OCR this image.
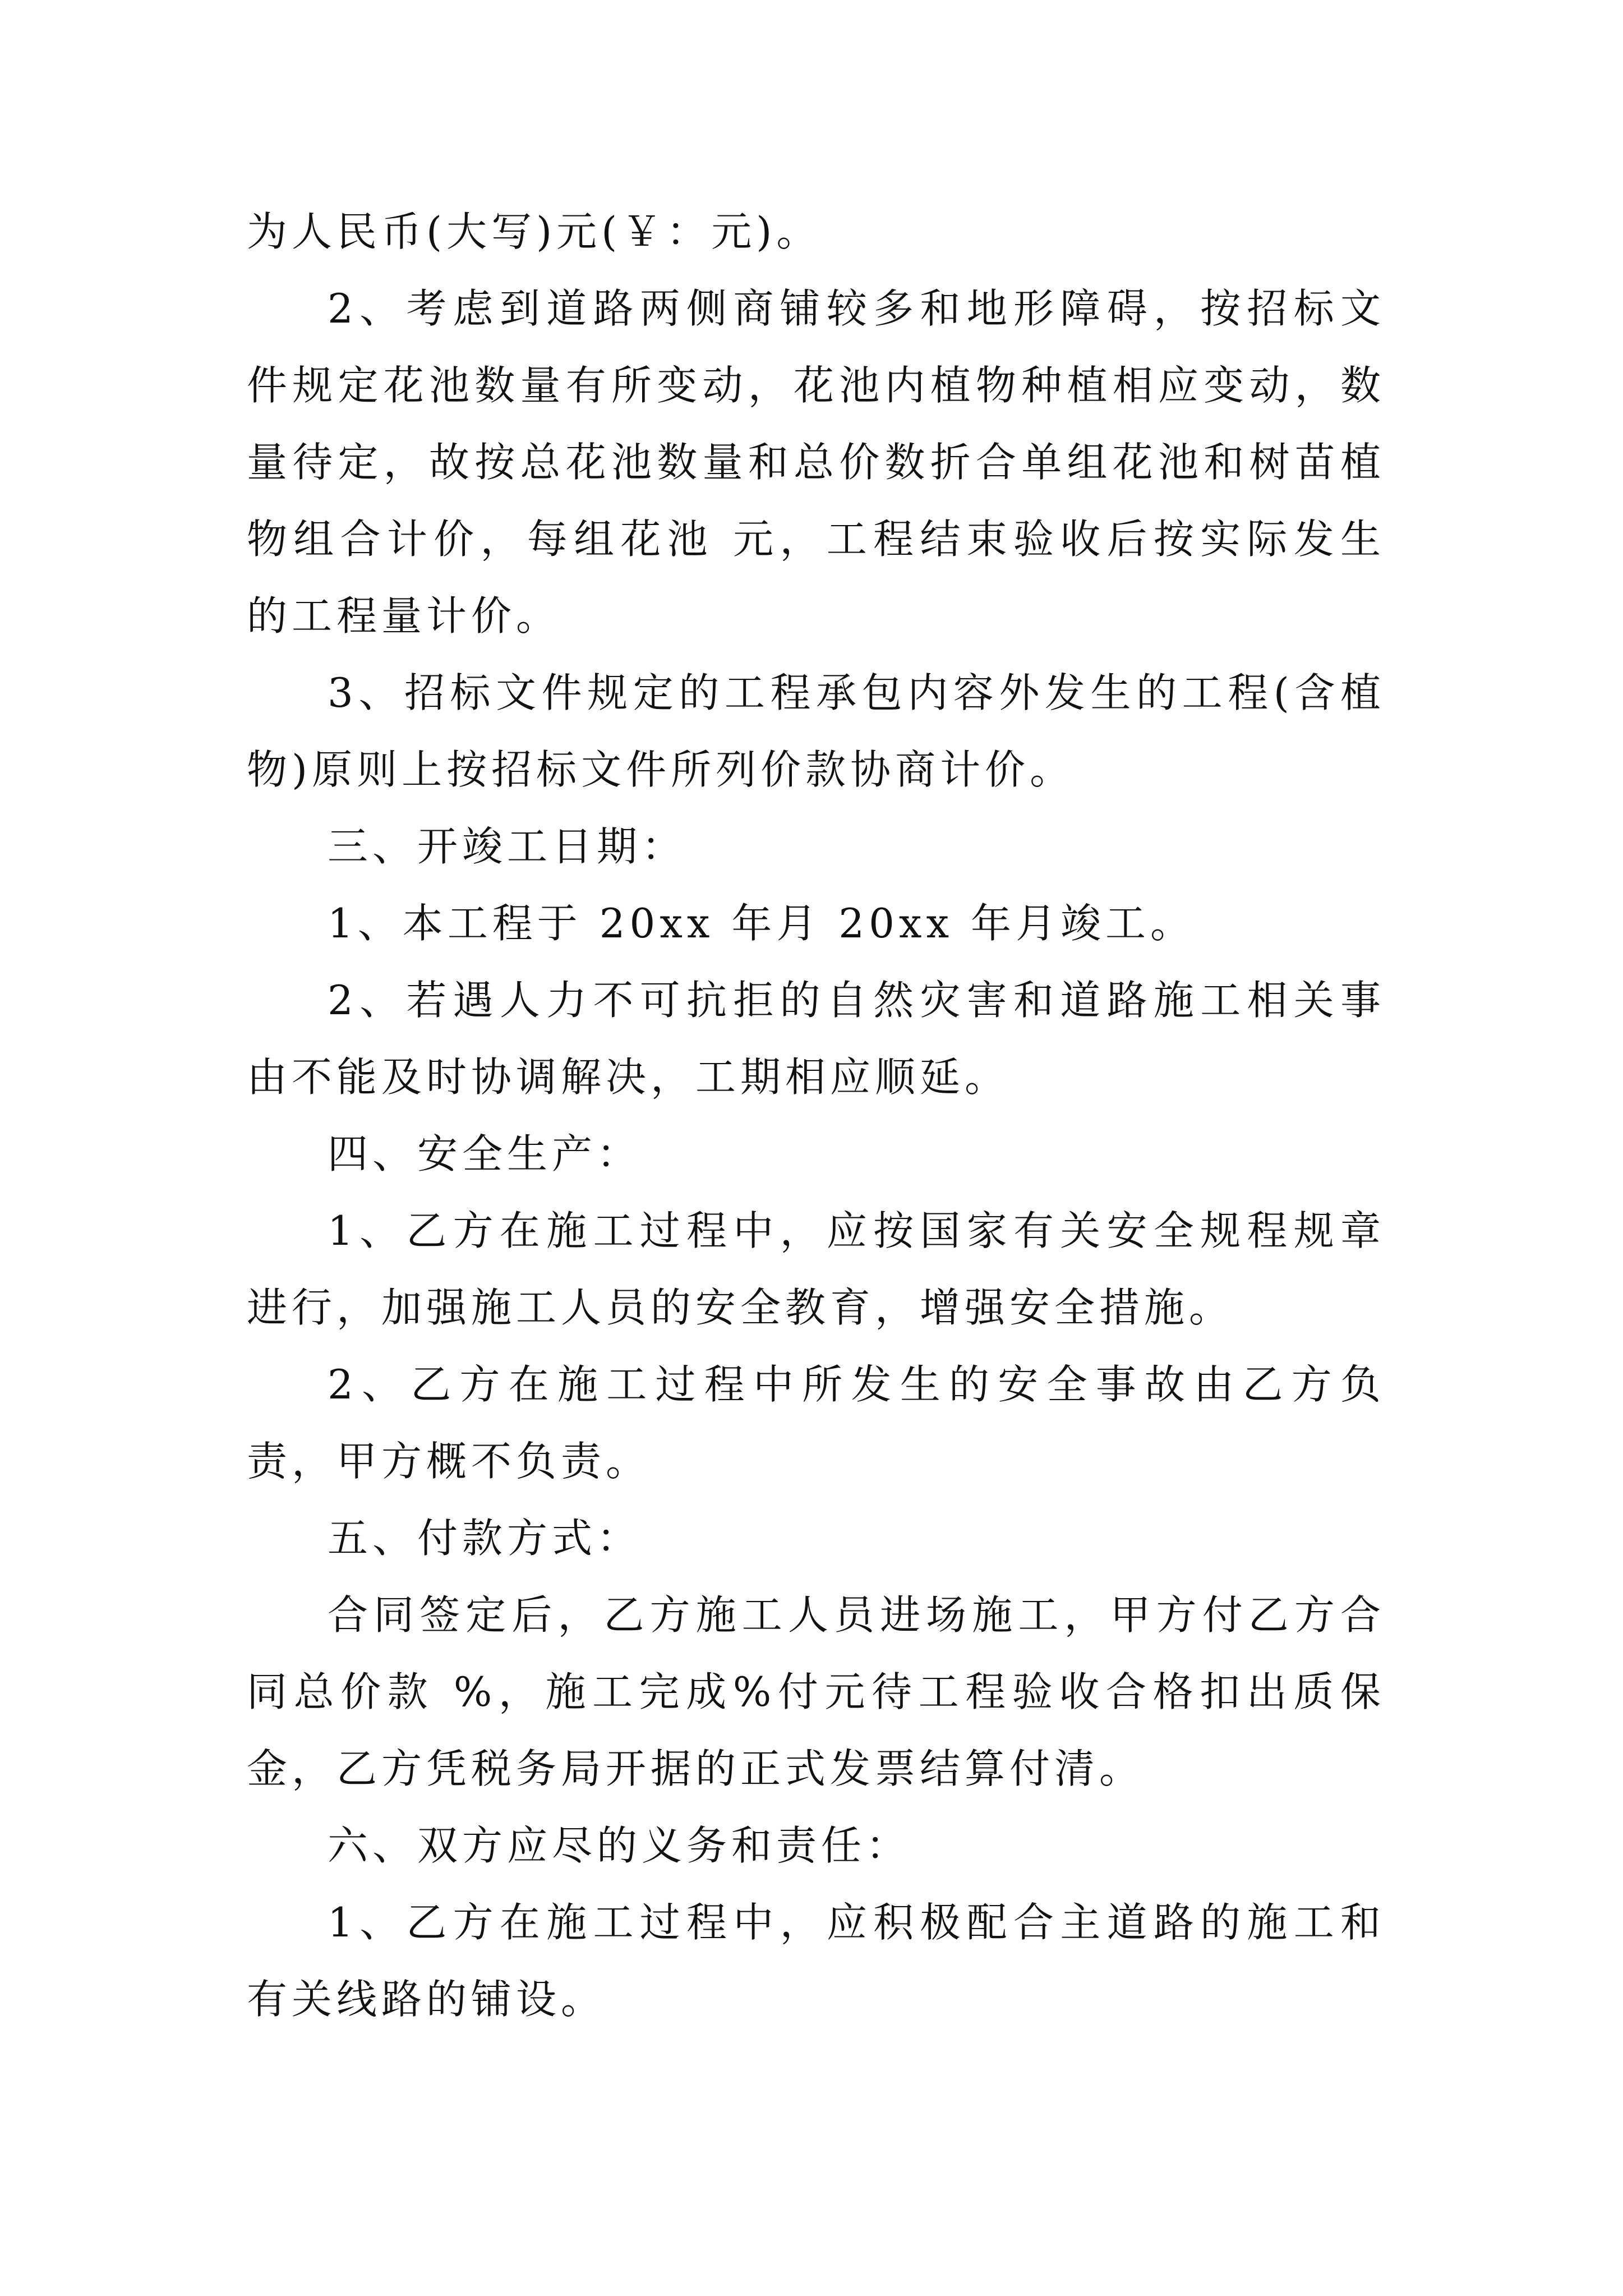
为人民币(大写)元(￥：元)。

2、考虑到道路两侧商铺较多和地形障碍，按招标文件规定花池数量有所变动，花池内植物种植相应变动，数量待定，故按总花池数量和总价数折合单组花池和树苗植物组合计价，每组花池 元，工程结束验收后按实际发生的工程量计价。

3、招标文件规定的工程承包内容外发生的工程(含植物)原则上按招标文件所列价款协商计价。

三、开竣工日期：

1、本工程于 20xx 年月 20xx 年月竣工。

2、若遇人力不可抗拒的自然灾害和道路施工相关事由不能及时协调解决，工期相应顺延。

四、安全生产：

1、乙方在施工过程中，应按国家有关安全规程规章进行，加强施工人员的安全教育，增强安全措施。

2、乙方在施工过程中所发生的安全事故由乙方负责，甲方概不负责。

五、付款方式：

合同签定后，乙方施工人员进场施工，甲方付乙方合同总价款 %，施工完成%付元待工程验收合格扣出质保金，乙方凭税务局开据的正式发票结算付清。

六、双方应尽的义务和责任：

1、乙方在施工过程中，应积极配合主道路的施工和有关线路的铺设。
